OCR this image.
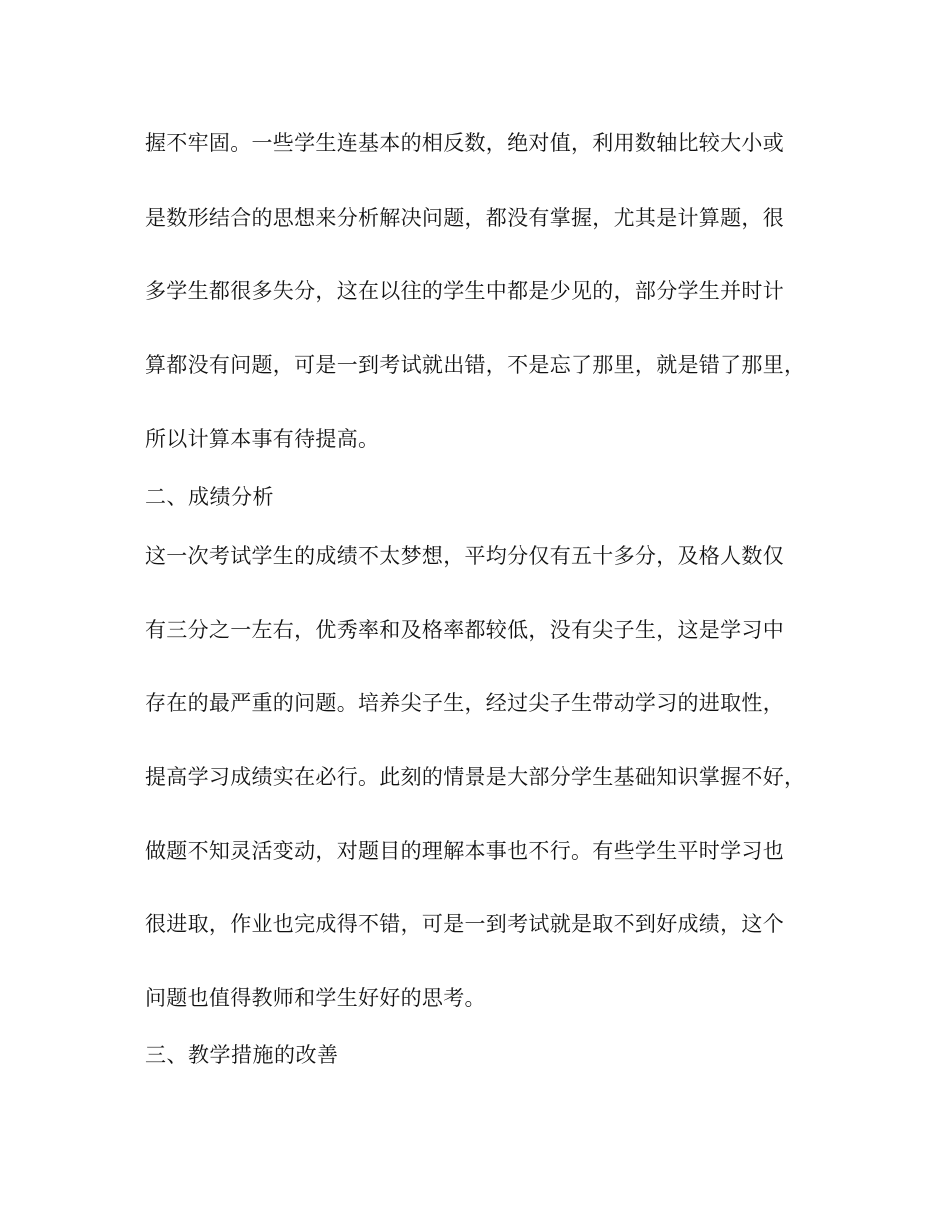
握不牢固。一些学生连基本的相反数，绝对值，利用数轴比较大小或
是数形结合的思想来分析解决问题，都没有掌握，尤其是计算题，很
多学生都很多失分，这在以往的学生中都是少见的，部分学生并时计
算都没有问题，可是一到考试就出错，不是忘了那里，就是错了那里，
所以计算本事有待提高。
二、成绩分析
这一次考试学生的成绩不太梦想，平均分仅有五十多分，及格人数仅
有三分之一左右，优秀率和及格率都较低，没有尖子生，这是学习中
存在的最严重的问题。培养尖子生，经过尖子生带动学习的进取性，
提高学习成绩实在必行。此刻的情景是大部分学生基础知识掌握不好，
做题不知灵活变动，对题目的理解本事也不行。有些学生平时学习也
很进取，作业也完成得不错，可是一到考试就是取不到好成绩，这个
问题也值得教师和学生好好的思考。
三、教学措施的改善
